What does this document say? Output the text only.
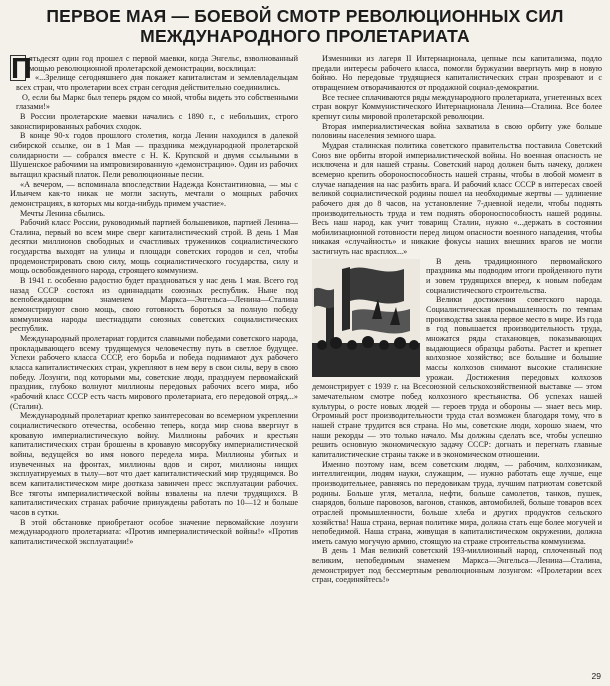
ПЕРВОЕ МАЯ — БОЕВОЙ СМОТР РЕВОЛЮЦИОННЫХ СИЛ
МЕЖДУНАРОДНОГО ПРОЛЕТАРИАТА
П

ятьдесят один год прошел с первой маевки, когда Энгельс, взволнованный мощью революционной пролетарской демонстрации, восклицал:

«...Зрелище сегодняшнего дня покажет капиталистам и землевладельцам всех стран, что пролетарии всех стран сегодня действительно соединились.

О, если бы Маркс был теперь рядом со мной, чтобы видеть это собственными глазами!»

В России пролетарские маевки начались с 1890 г., с небольших, строго законспирированных рабочих сходок.

В конце 90-х годов прошлого столетия, когда Ленин находился в далекой сибирской ссылке, он в 1 Мая — праздника международной пролетарской солидарности — собрался вместе с Н. К. Крупской и двумя ссыльными в Шушенское рабочими на импровизированную «демонстрацию». Один из рабочих вытащил красный платок. Пели революционные песни.

«А вечером, — вспоминала впоследствии Надежда Константиновна, — мы с Ильичем как-то никак не могли заснуть, мечтали о мощных рабочих демонстрациях, в которых мы когда-нибудь примем участие».

Мечты Ленина сбылись.

Рабочий класс России, руководимый партией большевиков, партией Ленина—Сталина, первый во всем мире сверг капиталистический строй. В день 1 Мая десятки миллионов свободных и счастливых тружеников социалистического государства выходят на улицы и площади советских городов и сел, чтобы продемонстрировать свою силу, мощь социалистического государства, силу и мощь освобожденного народа, строящего коммунизм.

В 1941 г. особенно радостно будет праздноваться у нас день 1 мая. Всего год назад СССР состоял из одиннадцати союзных республик. Ныне под всепобеждающим знаменем Маркса—Энгельса—Ленина—Сталина демонстрируют свою мощь, свою готовность бороться за полную победу коммунизма народы шестнадцати союзных советских социалистических республик.

Международный пролетариат гордится славными победами советского народа, прокладывающего всему трудящемуся человечеству путь в светлое будущее. Успехи рабочего класса СССР, его борьба и победа поднимают дух рабочего класса капиталистических стран, укрепляют в нем веру в свои силы, веру в свою победу. Лозунги, под которыми мы, советские люди, празднуем первомайский праздник, глубоко волнуют миллионы передовых рабочих всего мира, ибо «рабочий класс СССР есть часть мирового пролетариата, его передовой отряд...» (Сталин).

Международный пролетариат крепко заинтересован во всемерном укреплении социалистического отечества, особенно теперь, когда мир снова ввергнут в кровавую империалистическую войну. Миллионы рабочих и крестьян капиталистических стран брошены в кровавую мясорубку империалистической войны, ведущейся во имя нового передела мира. Миллионы убитых и изувеченных на фронтах, миллионы вдов и сирот, миллионы нищих эксплуатируемых в тылу—вот что дает капиталистический мир трудящимся. Во всем капиталистическом мире доотказа завинчен пресс эксплуатации рабочих. Все тяготы империалистической войны взвалены на плечи трудящихся. В капиталистических странах рабочие принуждены работать по 10—12 и больше часов в сутки.

В этой обстановке приобретают особое значение первомайские лозунги международного пролетариата: «Против империалистической войны!» «Против капиталистической эксплуатации!»

Изменники из лагеря II Интернационала, цепные псы капитализма, подло предали интересы рабочего класса, помогли буржуазии ввергнуть мир в новую бойню. Но передовые трудящиеся капиталистических стран прозревают и с отвращением отворачиваются от продажной социал-демократии.

Все теснее сплачиваются ряды международного пролетариата, угнетенных всех стран вокруг Коммунистического Интернационала Ленина—Сталина. Все более крепнут силы мировой пролетарской революции.

Вторая империалистическая война захватила в свою орбиту уже больше половины населения земного шара.

Мудрая сталинская политика советского правительства поставила Советский Союз вне орбиты второй империалистической войны. Но военная опасность не исключена и для нашей страны. Советский народ должен быть начеку, должен всемерно крепить обороноспособность нашей страны, чтобы в любой момент в случае нападения на нас разбить врага. И рабочий класс СССР в интересах своей великой социалистической родины пошел на необходимые жертвы — удлинение рабочего дня до 8 часов, на установление 7-дневной недели, чтобы поднять производительность труда и тем поднять обороноспособность нашей родины. Весь наш народ, как учит товарищ Сталин, нужно «...держать в состоянии мобилизационной готовности перед лицом опасности военного нападения, чтобы никакая «случайность» и никакие фокусы наших внешних врагов не могли застигнуть нас врасплох...»

В день традиционного первомайского праздника мы подводим итоги пройденного пути и зовем трудящихся вперед, к новым победам социалистического строительства.

Велики достижения советского народа. Социалистическая промышленность по темпам производства заняла первое место в мире. Из года в год повышается производительность труда, множатся ряды стахановцев, показывающих выдающиеся образцы работы. Растет и крепнет колхозное хозяйство; все большие и большие массы колхозов снимают высокие сталинские урожаи. Достижения передовых колхозов демонстрирует с 1939 г. на Всесоюзной сельскохозяйственной выставке — этом замечательном смотре побед колхозного крестьянства. Об успехах нашей культуры, о росте новых людей — героев труда и обороны — знает весь мир. Огромный рост производительности труда стал возможен благодаря тому, что в нашей стране трудится вся страна. Но мы, советские люди, хорошо знаем, что наши рекорды — это только начало. Мы должны сделать все, чтобы успешно решить основную экономическую задачу СССР: догнать и перегнать главные капиталистические страны также и в экономическом отношении.

Именно поэтому нам, всем советским людям, — рабочим, колхозникам, интеллигенции, людям науки, служащим, — нужно работать еще лучше, еще производительнее, равняясь по передовикам труда, лучшим патриотам советской родины. Больше угля, металла, нефти, больше самолетов, танков, пушек, снарядов, больше паровозов, вагонов, станков, автомобилей, больше товаров всех отраслей промышленности, больше хлеба и других продуктов сельского хозяйства! Наша страна, верная политике мира, должна стать еще более могучей и непобедимой. Наша страна, живущая в капиталистическом окружении, должна иметь самую могучую армию, стоящую на страже строительства коммунизма.

В день 1 Мая великий советский 193-миллионный народ, сплоченный под великим, непобедимым знаменем Маркса—Энгельса—Ленина—Сталина, демонстрирует под бессмертным революционным лозунгом: «Пролетарии всех стран, соединяйтесь!»

29
